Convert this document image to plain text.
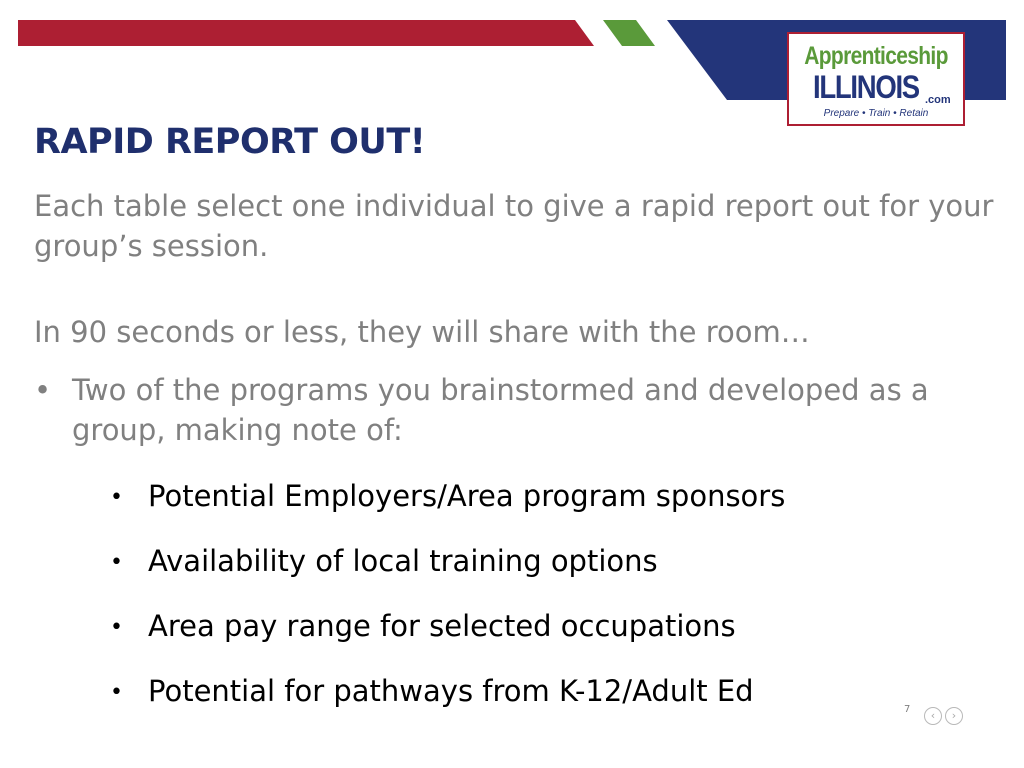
Apprenticeship
ILLINOIS .com
Prepare • Train • Retain
RAPID REPORT OUT!

Each table select one individual to give a rapid report out for your group’s session.

In 90 seconds or less, they will share with the room…

• Two of the programs you brainstormed and developed as a group, making note of:
• Potential Employers/Area program sponsors
• Availability of local training options
• Area pay range for selected occupations
• Potential for pathways from K-12/Adult Ed
7	‹	›
